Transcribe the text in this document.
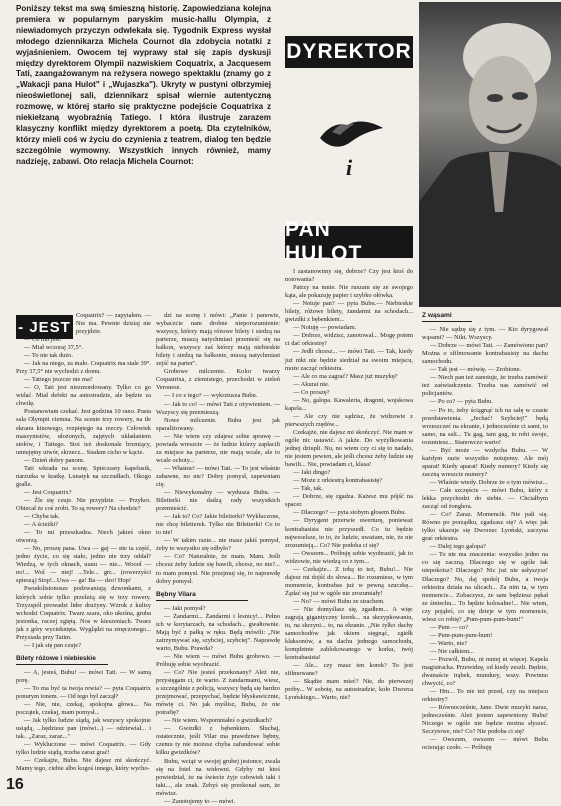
Poniższy tekst ma swą śmieszną historię. Zapowiedziana kolejna premiera w popularnym paryskim music-hallu Olympia, z niewiadomych przyczyn odwlekała się. Tygodnik Express wysłał młodego dziennikarza Michela Cournot dla zdobycia notatki z wyjaśnieniem. Owocem tej wyprawy stał się zapis dyskusji między dyrektorem Olympii nazwiskiem Coquatrix, a Jacquesem Tati, zaangażowanym na reżysera nowego spektaklu (znamy go z „Wakacji pana Hulot" i „Wujaszka"). Ukryty w pustyni olbrzymiej nieoświetlonej sali, dziennikarz spisał wiernie autentyczną rozmowę, w której starło się praktyczne podejście Coquatrixa z niekiełzaną wyobraźnią Tatiego. I która ilustruje zarazem klasyczny konflikt między dyrektorem a poetą. Dla czytelników, którzy mieli coś w życiu do czynienia z teatrem, dialog ten będzie szczególnie wymowny. Wszystkich innych również, mamy nadzieję, zabawi. Oto relacja Michela Cournot:

DYREKTOR
i
PAN HULOT
- JEST

Coquatrix? — zapytałem. — Nie ma. Pewnie dzisiaj nie przyjdzie.

— Co mu jest?

— Miał wczoraj 37,5°.

— To nie tak dużo.

— Jak na niego, za mało. Coquatrix ma stale 39°. Przy 37,5° nie wychodzi z domu.

— Tatiego jeszcze nie ma?

— O, Tati jest niezmordowany. Tylko co go widać. Miał defekt na autostradzie, ale będzie za chwilę.

Postanowiam czekać. Jest godzina 10 rano. Pusta sala Olympii ciemna. Na scenie trzy rowery, na tle ekranu kinowego, rozpiętego na rzeczy. Człowiek maszynistów, ułożonych, zajętych układaniem stołów, i Tatiego. Stoi też doskonale brzmiący, umiejętny utwór, skrzecz... Siadam cicho w kącie.

— Dzień dobry panom.

Tati wkrada na scenę. Spieczasty kapelusik, narzutka w kratkę. Lunatyk na szczudłach. Okogo gralle.

— Jest Coquatrix?

— Źle się czuje. Nie przyjdzie. — Przykro. Obiecał że coś zrobi. To są rowery? Na chodzie?

— Chyba tak.

— A ścieżki?

— To mi przeszkadza. Niech jakieś okno otworzą.

— No, proszę pana. Uwa — gaj — nie ta część, jedno życie, co się stało, jedno nie trzy oddał? Wiedzą, w tych oknach, uuuu — nie... Woool — no!... Wol — niej! ...Tele... grr... (rowerzyści spieszą) Stop!...Uwa — ga! Ba — dzo! Hop!

Pseudolistonosze podzwaniają dzwonkami, z których sobie tylko przeleżą się w trzy rowery. Trzyzspół prowadzi lider drużyny. Wzrok z kulisy wchodzi Coquatrix. Twarz szara, oko ukośna, gruba jesionka, raczej zgiętą. Nos w kieszeniach. Twarz jak z góry wycieknięta. Wyglądzi na zmęczonego... Przysiada przy Tatim.

— I jak się pan czuje?

Bilety różowe i niebieskie

— A, jesteś, Bubu! — mówi Tati. — W samą porę.

— To ma być ta twoja rewia? — pyta Coquatrix ponurym tonem. — Od tego był zaczął?

— Nie, nie, czekaj, spokojna głowa... Na początek, czekaj, mam pomysł...

— Jak tylko ludzie siądą, jak wszyscy spokojnie usiądą, ...będziesz pan (mówi...) — odziewiał... i tak.. „Zaraz, zaraz..."

— Wykluczone — mówi Coquatrix. — Gdy tylko ludzie siądą, trzeba zaraz grać!

— Czekajże, Bubu. Nie dajesz mi skończyć. Mamy tego, ciebie albo kogoś innego, który wycho-

dzi na scenę i mówi: „Panie i panowie, wybaczcie nam drobne nieporozumienie: wszyscy, którzy mają różowe bilety i siedzą na parterze, muszą natychmiast przenieść się na balkon, wszyscy zaś którzy mają niebieskie bilety i siedzą na balkonie, muszą natychmiast zejść na parter".

Grobowe milczenie. Kolor twarzy Coquatrixa, z ziemistego, przechodzi w zieleń Veronese.

— I co z tego? — wykrztusza Bubu.

— Jak to co! — mówi Tati z ożywieniem. — Wszyscy się przemieszą.

Nowe milczenie. Bubu jest jak sparaliżowany.

— Nie wiem czy zdajesz sobie sprawę — powiada wreszcie — że ludzie którzy zapłacili za miejsce na parterze, nie mają wcale, ale to wcale ochoty...

— Właśnie! — mówi Tati. — To jest właśnie zabawne, no nie? Dobry pomysł, zapewniam cię.

— Niewykonalny — wydusza Bubu. — Biletierki nie dadzą rady wszystkich przemieścić.

— Jak to? Co? Jakie biletierki? Wykluczone, nie chcę biletierek. Tylko nie Biletierki! Co to to nie!

— W takim razie... nie masz jakiś pomysł, żeby to wszystko się odbyło?

— Co? Naturalnie, że mam. Mam. Jeśli chcesz żeby ludzie się bawili, chcesz, no nie?... to mam pomysł. Nie przejmuj się, to naprawdę dobry pomysł.

Bębny Vilara

— Jaki pomysł?

— Żandarmi... Żandarmi i lesnicy!... Pełno ich w korytarzach, na schodach... gwałtownie. Mają być z pałką w ręku. Będą mówili: „Nie zatrzymywać się, szybciej, szybciej". Naprawdę warto, Bubu. Prawda?

— Nie wiem — mówi Bubu grobowo. — Próbuję sobie wyobrazić.

— Co? Nie jesteś przekonany? Ależ nie, przysięgam ci, że warto. Z żandarmami, wiesz, a szczególnie z policją, wszyscy będą się bardzo przejmować, przepychać, będzie błyskawicznie, mówię ci. No jak myślisz, Bubu, że nie potrafię?

— Nie wiem. Wspomniałeś o gwizdkach?

— Gwizdki z bębenkiem. Słuchaj, ostatecznie, jeśli Vilar ma prawdziwe bębny, czemu ty nie możesz chyba zafundować sobie kilku gwizdków?

Bubu, wciąż w swojej grubej jesionce, zwala się na fotel na widowni. Gdyby mi ktoś powiedział, że na świecie żyje człowiek taki i taki..., ale znak. Żebyś się przekonał sam, że mówisz.

— Zanotujemy to — mówi.

I zastanowimy się, dobrze? Czy jest ktoś do notowania?

Patrzy na mnie. Nie ruszam się ze swojego kąta, ale pokazuję papier i szybko ołówka.

— Notuje pan? — pyta Bubu.— Niebieskie bilety, różowe bilety, żandarmi na schodach... gwizdki z bębenkiem...

— Notuję — powiadam.

— Dobrze, widzisz, zanotował... Mogę potem ci dać orkiestrę?

— Jedli chcesz... — mówi Tati. — Tak, kiedy już nikt nie będzie siedział na swoim miejscu, może zacząć orkiestra.

— Ale co ma zagrać? Masz już muzykę?

— Akurat nie.

— Co proszę?

— No, galopa. Kawaleria, dragoni, wojskowa kapela...

— Ale czy nie sądzisz, że widzowie z pierwszych rzędów...

Czekajże, nie dajesz mi skończyć. Nie mam w ogóle nic ustawić. A jakże. Do wyżyłkowania jednej dziupli. Nu, no wiem czy ci się to nadało, nie jestem pewien, ale jeśli chcesz żeby ludzie się bawili... Nie, powiadam ci, klasa!

— Jaki dingo?

— Może z orkiestrą kontrabasistę?

— Tak, tak.

— Dobrze, się zgadza. Każesz mu pójść na spacer.

— Dlaczego? — pyta stobym głosem Bubu.

— Dyrygent przerwie uwerturę, ponieważ kontrabasista nie przyszedł. Co tu będzie najweselsze, to to, że ludzie, uważam, nie, że nie zrozumieją... Co? Nie podoba ci się?

— Owszem... Próbuję sobie wyobrazić, jak to widzowie, nie wiedzą co z tym...

— Czekajże... Z tobą to też, Bubu!... Nie dajesz mi dojść do słowa... Bo rozumiesz, w tym momencie, kontrabas już w pewną szuczkę... Żądać się już w ogóle nie zrozumiały!

— No? — mówi Bubu ze strachem.

— Nie domyślasz się, zgadłem... A więc zagrają gigantyczny korek... na skrzypkowaniu, tu, na skrzyni... to, na ekranie. „Nie tylko dachy samochodów jak okiem sięgnąć, zgiełk klaksonów, a na dachu jednego samochodu, kompletnie zablokowanego w korku, twój kontrabasista!

— Ale... czy masz ten korek? To jest sfilmowane?

— Skądże mam mieć? Nie, do pierwszej próby... W sobotę, na autostradzie, koło Dworca Lyońskiego... Warto, nie?

Z wąsami

— Nie sądzę się z tym. — Kto dyrygował wąsami? — Nikt. Wszyscy.

— Dobrze — mówi Tati. — Zamówiono pan? Można o sfilmowanie kontrabasisty na dachu samochodu.

— Tak jest — mówię. — Zrobione.

— Niech pan też zanotuje, że trzeba zamówić też zaświadczenie. Trzeba nas zamówić od policjantów.

— Po co? — pyta Bubu.

— Po to, żeby ściągnąć ich na salę w czasie przedstawienia. „Jechać! Szybciej!" będą wrzeszczeć na ekranie, i jednocześnie ci sami, to samo, na sali... Tu gag, tam gag, to robi swoje, rozumiesz... Stanowczo warto!

— Być może — wzdycha Bubu. — W każdym razie wszystko notujemy. Ale mój aparat! Kiedy aparat! Kiedy numery? Kiedy się zaczną wreszcie numery?

— Właśnie wtedy. Dobrze że o tym mówisz...

— Całe szczęście — mówi Bubu, który z lekka przychodzi do siebie. — Chciałbym zacząć od żonglera.

— Co? Zaraz. Momencik. Nie pali się. Równo po porządku, zgadzasz się? A więc jak tylko ukazuje się Dworzec Lyoński, zaczyna grać orkiestra.

— Dalej tego galopa?

— To nie ma znaczenia: wszystko jedno na co się zaczną. Dlaczego się w ogóle tak niepokoisz? Dlaczego? Nic już nie usłyszysz! Dlaczego? No, daj spokój Bubu, a twoja orkiestra działa na ulicach... Za nim ta, w tym momencie... Zobaczysz, że sam będziesz pękał ze śmiechu... To będzie kolosalne!... Nie wiem, czy pojąłeś, co się dzieje w tym momencie, wiesz co robię? „Pum-pum-pum-bum!"

— Pum — co?

— Pum-pum-pum-bum!

— Warto, nie?

— Nie całkiem...

— Pozwól, Bubu, ni mniej ni więcej. Kapela magistracka. Przewidzę, od kiedy zeszli. Będzie, dwanaście trąbek, mundury, wszy. Powinno chwycić, co?

— Hm... To nie też przed, czy na miejscu orkiestry?

— Równocześnie, Jane. Dwie muzyki naraz, jednocześnie. Ależ jestem zapewniony Bubu! Niczego w ogóle nie będzie można słyszeć. Szczytowe, nie? Co? Nie podoba ci się?

— Owszem, owszem — mówi Bubu ocierając czoło. — Próbuję

16
